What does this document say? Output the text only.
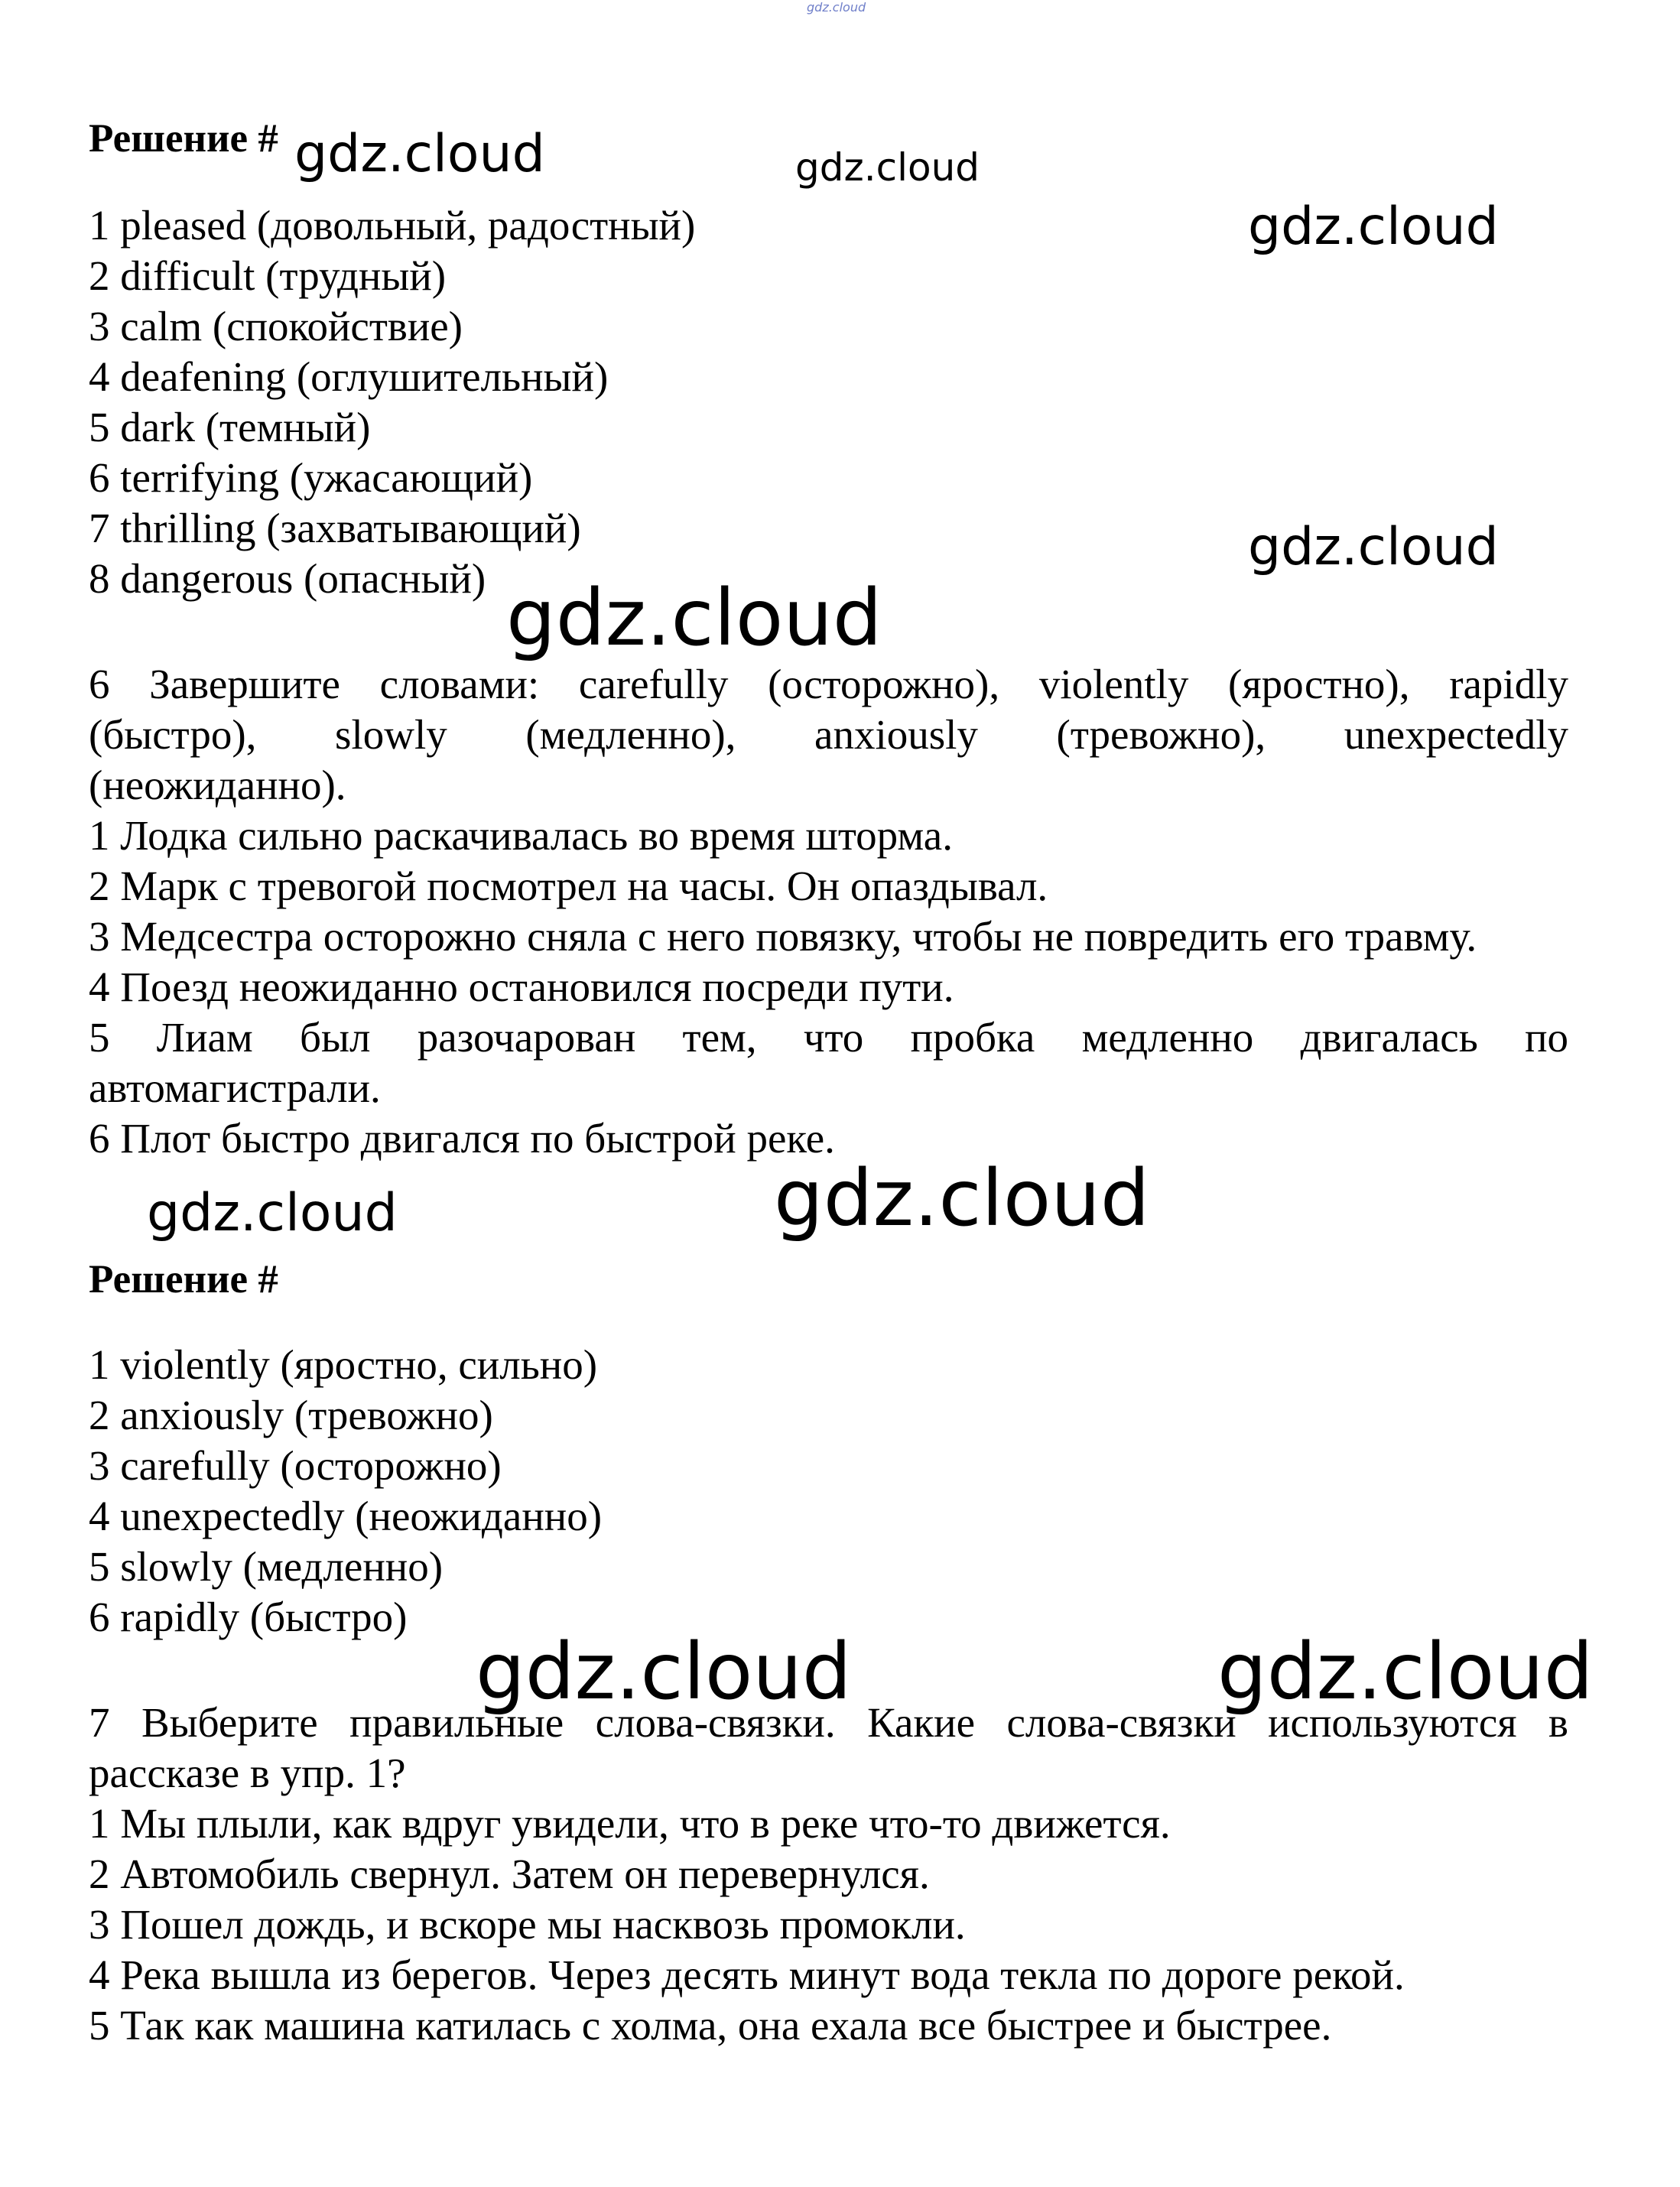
gdz.cloud
Решение #
1 pleased (довольный, радостный)
2 difficult (трудный)
3 calm (спокойствие)
4 deafening (оглушительный)
5 dark (темный)
6 terrifying (ужасающий)
7 thrilling (захватывающий)
8 dangerous (опасный)
6 Завершите словами: carefully (осторожно), violently (яростно), rapidly
(быстро), slowly (медленно), anxiously (тревожно), unexpectedly
(неожиданно).
1 Лодка сильно раскачивалась во время шторма.
2 Марк с тревогой посмотрел на часы. Он опаздывал.
3 Медсестра осторожно сняла с него повязку, чтобы не повредить его травму.
4 Поезд неожиданно остановился посреди пути.
5 Лиам был разочарован тем, что пробка медленно двигалась по
автомагистрали.
6 Плот быстро двигался по быстрой реке.
Решение #
1 violently (яростно, сильно)
2 anxiously (тревожно)
3 carefully (осторожно)
4 unexpectedly (неожиданно)
5 slowly (медленно)
6 rapidly (быстро)
7 Выберите правильные слова-связки. Какие слова-связки используются в
рассказе в упр. 1?
1 Мы плыли, как вдруг увидели, что в реке что-то движется.
2 Автомобиль свернул. Затем он перевернулся.
3 Пошел дождь, и вскоре мы насквозь промокли.
4 Река вышла из берегов. Через десять минут вода текла по дороге рекой.
5 Так как машина катилась с холма, она ехала все быстрее и быстрее.
gdz.cloud	gdz.cloud
gdz.cloud
gdz.cloud
gdz.cloud
gdz.cloud	gdz.cloud
gdz.cloud	gdz.cloud
